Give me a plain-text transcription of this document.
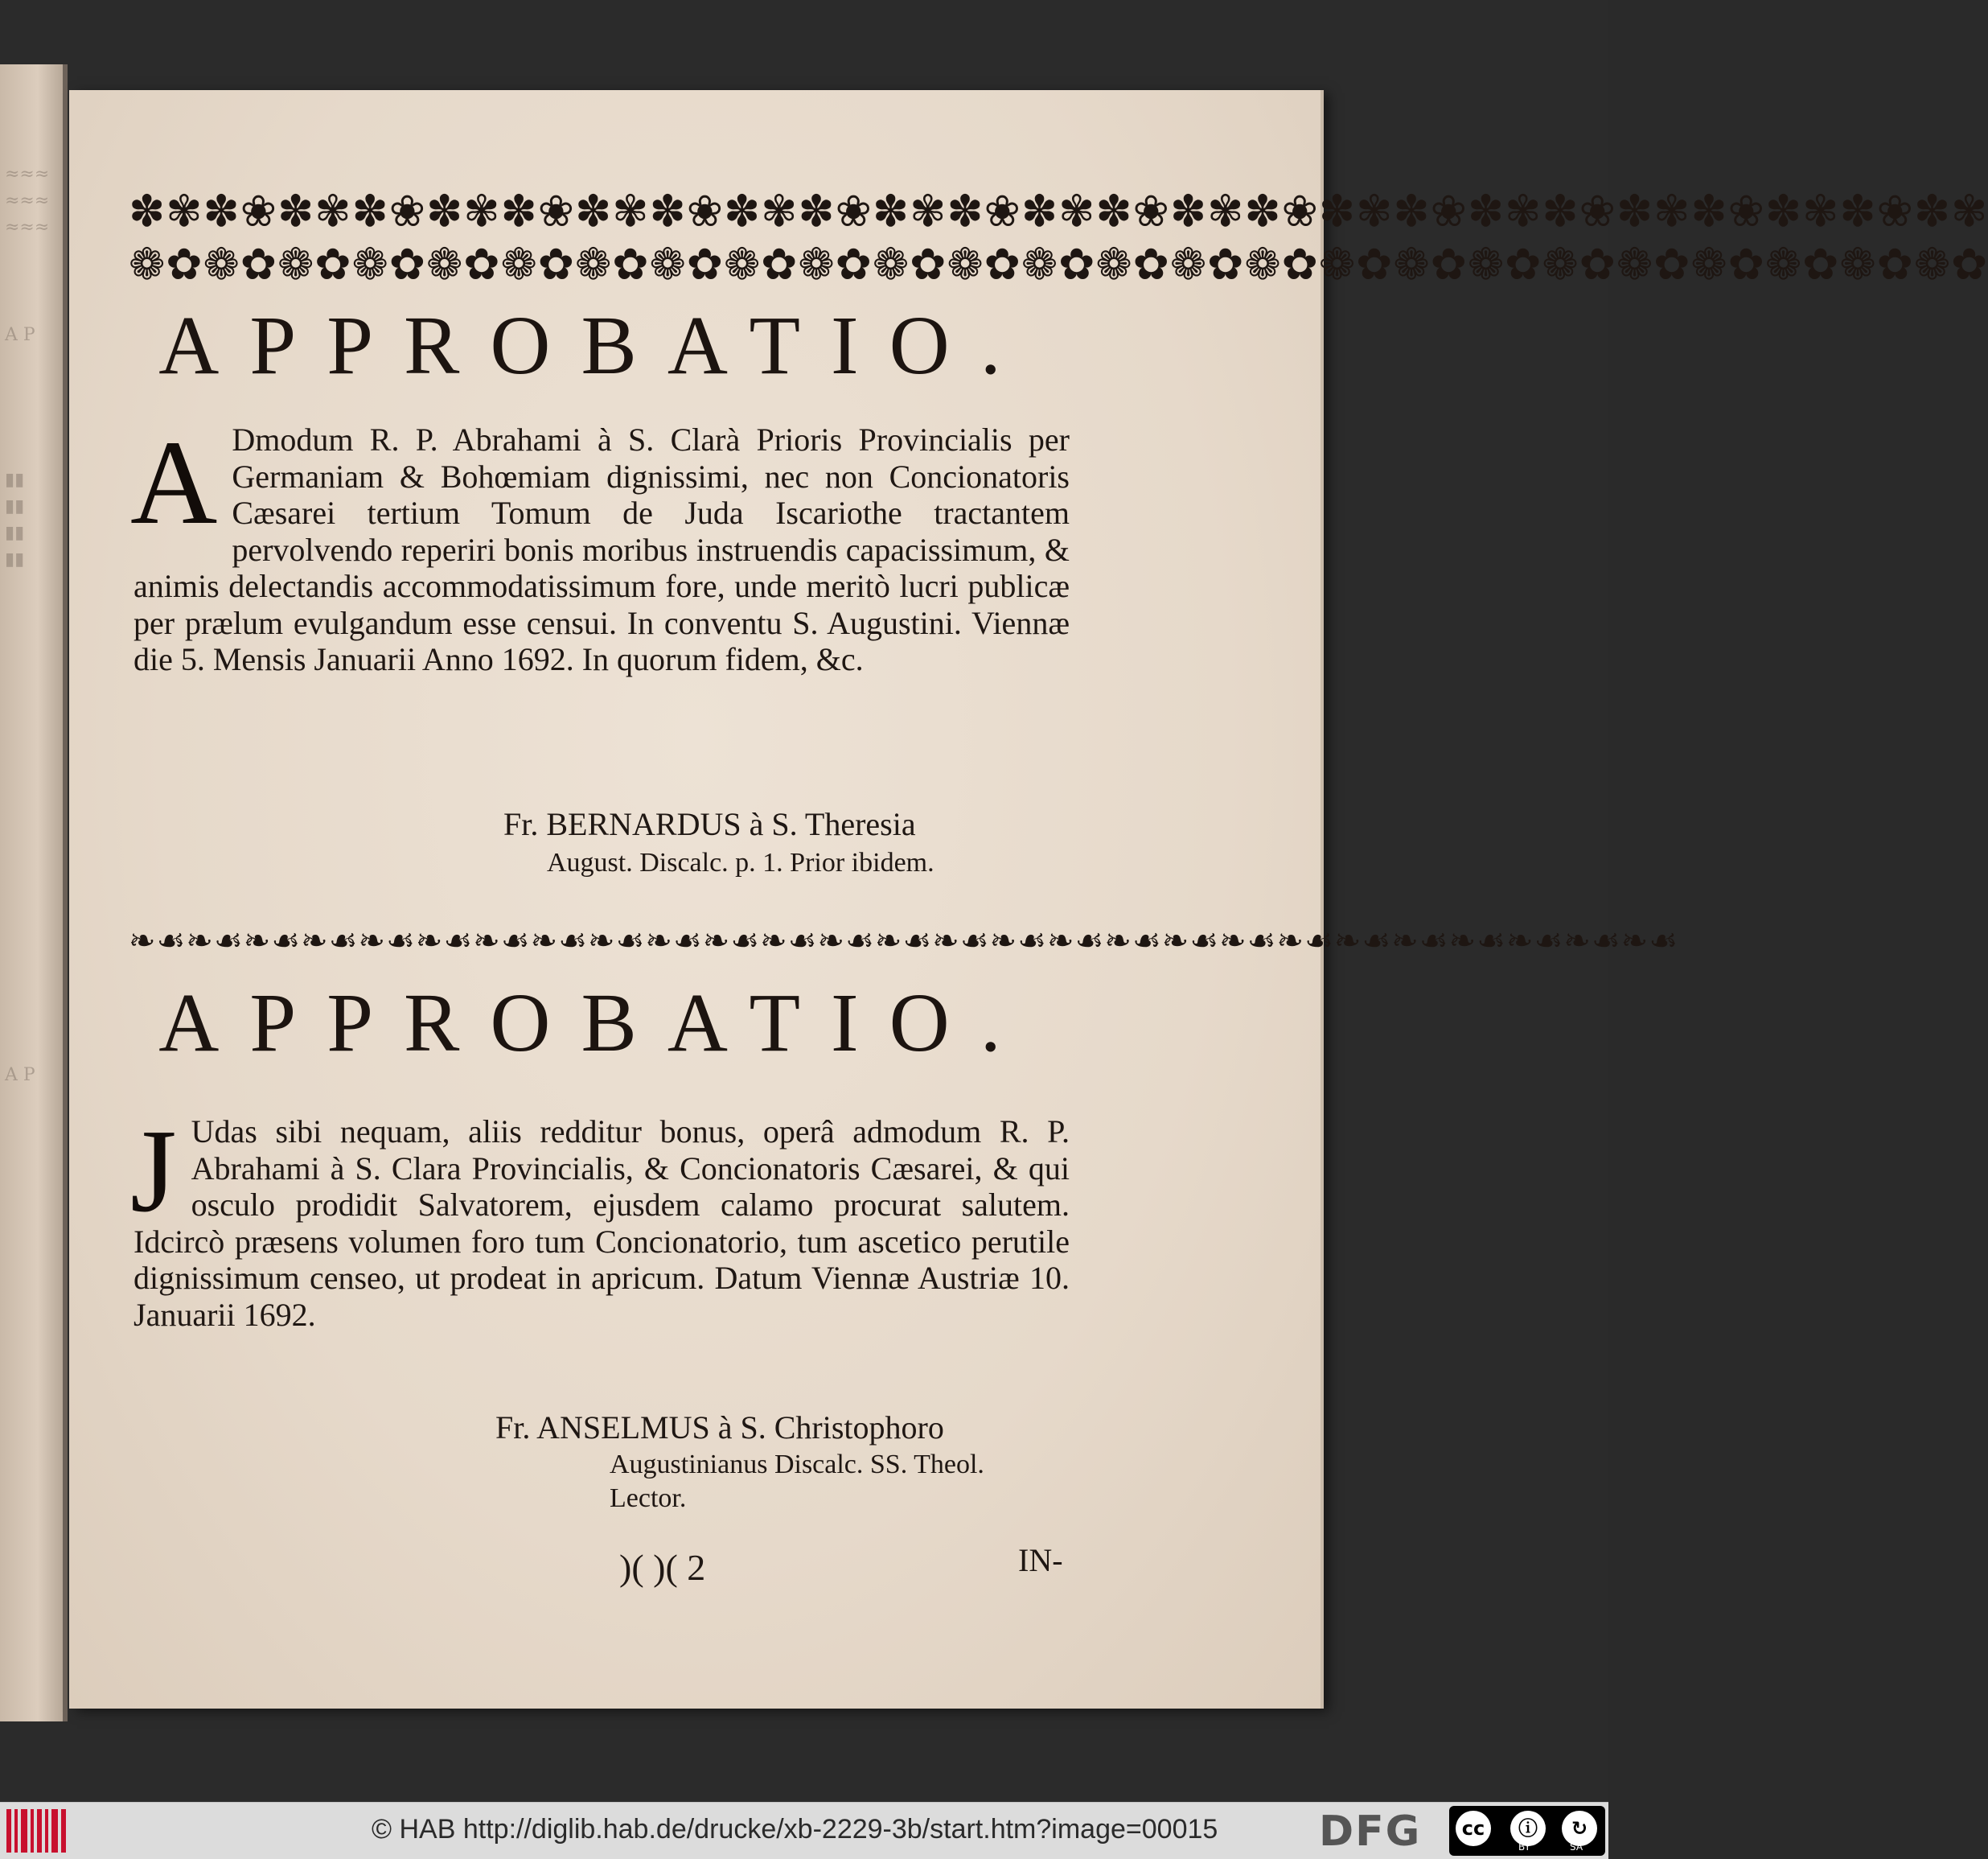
≈≈≈
≈≈≈
≈≈≈
A P
▮▮
▮▮
▮▮
▮▮
A P
✽✾✽❀✽✾✽❀✽✾✽❀✽✾✽❀✽✾✽❀✽✾✽❀✽✾✽❀✽✾✽❀✽✾✽❀✽✾✽❀✽✾✽❀✽✾✽❀✽✾
❁✿❁✿❁✿❁✿❁✿❁✿❁✿❁✿❁✿❁✿❁✿❁✿❁✿❁✿❁✿❁✿❁✿❁✿❁✿❁✿❁✿❁✿❁✿❁✿❁✿
APPROBATIO.
A Dmodum R. P. Abrahami à S. Clarà Prioris Provincialis per Germaniam & Bohœmiam dignissimi, nec non Concionatoris Cæsarei tertium Tomum de Juda Iscariothe tractantem pervolvendo reperiri bonis moribus instruendis capacissimum, & animis delectandis accommodatissimum fore, unde meritò lucri publicæ per prælum evulgandum esse censui. In conventu S. Augustini. Viennæ die 5. Mensis Januarii Anno 1692. In quorum fidem, &c.
Fr. BERNARDUS à S. Theresia
August. Discalc. p. 1. Prior ibidem.
❧☙❧☙❧☙❧☙❧☙❧☙❧☙❧☙❧☙❧☙❧☙❧☙❧☙❧☙❧☙❧☙❧☙❧☙❧☙❧☙❧☙❧☙❧☙❧☙❧☙❧☙❧☙
APPROBATIO.
J Udas sibi nequam, aliis redditur bonus, operâ admodum R. P. Abrahami à S. Clara Provincialis, & Concionatoris Cæsarei, & qui osculo prodidit Salvatorem, ejusdem calamo procurat salutem. Idcircò præsens volumen foro tum Concionatorio, tum ascetico perutile dignissimum censeo, ut prodeat in apricum. Datum Viennæ Austriæ 10. Januarii 1692.
Fr. ANSELMUS à S. Christophoro
Augustinianus Discalc. SS. Theol.
Lector.
)( )( 2	IN-
© HAB http://diglib.hab.de/drucke/xb-2229-3b/start.htm?image=00015 DFG	cc	ⓘ	↻
BY	SA
